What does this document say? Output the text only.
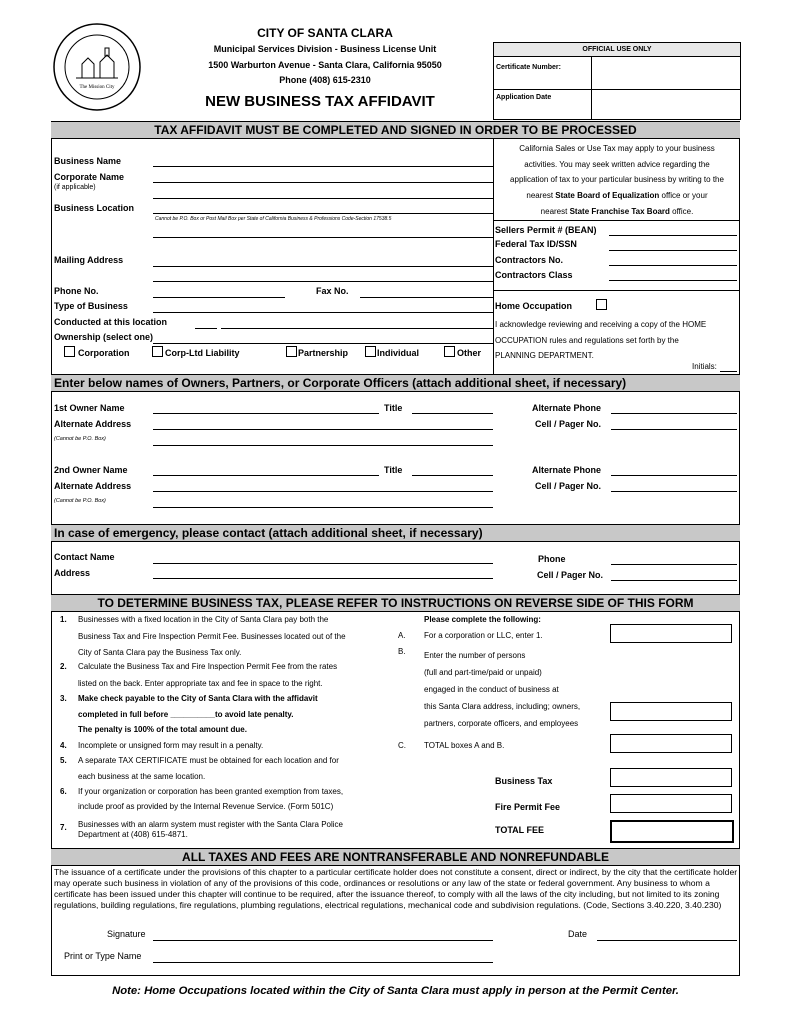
The Mission City
CITY OF SANTA CLARA
Municipal Services Division - Business License Unit
1500 Warburton Avenue - Santa Clara, California 95050
Phone (408) 615-2310
NEW BUSINESS TAX AFFIDAVIT
OFFICIAL USE ONLY
Certificate Number:
Application Date
TAX AFFIDAVIT MUST BE COMPLETED AND SIGNED IN ORDER TO BE PROCESSED
Business Name
Corporate Name
(if applicable)
Business Location
Cannot be P.O. Box or Post Mail Box per State of California Business & Professions Code-Section 17538.5
Mailing Address
Phone No.	Fax No.
Type of Business
Conducted at this location
Ownership (select one)
Corporation	Corp-Ltd Liability	Partnership	Individual	Other
California Sales or Use Tax may apply to your business
activities. You may seek written advice regarding the
application of tax to your particular business by writing to the
nearest State Board of Equalization office or your
nearest State Franchise Tax Board office.
Sellers Permit # (BEAN)
Federal Tax ID/SSN
Contractors No.
Contractors Class
Home Occupation
I acknowledge reviewing and receiving a copy of the HOME
OCCUPATION rules and regulations set forth by the
PLANNING DEPARTMENT.
Initials:
Enter below names of Owners, Partners, or Corporate Officers (attach additional sheet, if necessary)
1st Owner Name	Title	Alternate Phone
Alternate Address	Cell / Pager No.
(Cannot be P.O. Box)
2nd Owner Name	Title	Alternate Phone
Alternate Address	Cell / Pager No.
(Cannot be P.O. Box)
In case of emergency, please contact (attach additional sheet, if necessary)
Contact Name	Phone
Address	Cell / Pager No.
TO DETERMINE BUSINESS TAX, PLEASE REFER TO INSTRUCTIONS ON REVERSE SIDE OF THIS FORM
1. Businesses with a fixed location in the City of Santa Clara pay both the
Business Tax and Fire Inspection Permit Fee. Businesses located out of the
City of Santa Clara pay the Business Tax only.
2. Calculate the Business Tax and Fire Inspection Permit Fee from the rates
listed on the back. Enter appropriate tax and fee in space to the right.
3. Make check payable to the City of Santa Clara with the affidavit
completed in full before __________to avoid late penalty.
The penalty is 100% of the total amount due.
4. Incomplete or unsigned form may result in a penalty.
5. A separate TAX CERTIFICATE must be obtained for each location and for
each business at the same location.
6. If your organization or corporation has been granted exemption from taxes,
include proof as provided by the Internal Revenue Service. (Form 501C)
7. Businesses with an alarm system must register with the Santa Clara Police
Department at (408) 615-4871.
Please complete the following:
A. For a corporation or LLC, enter 1.
B. Enter the number of persons
(full and part-time/paid or unpaid)
engaged in the conduct of business at
this Santa Clara address, including; owners,
partners, corporate officers, and employees
C. TOTAL boxes A and B.
Business Tax
Fire Permit Fee
TOTAL FEE
ALL TAXES AND FEES ARE NONTRANSFERABLE AND NONREFUNDABLE
The issuance of a certificate under the provisions of this chapter to a particular certificate holder does not constitute a consent, direct or indirect, by the city that the certificate holder may operate such business in violation of any of the provisions of this code, ordinances or resolutions or any law of the state or federal government. Any business to whom a certificate has been issued under this chapter will continue to be required, after the issuance thereof, to comply with all the laws of the city including, but not limited to its zoning regulations, building regulations, fire regulations, plumbing regulations, electrical regulations, mechanical code and subdivision regulations. (Code, Sections 3.40.220, 3.40.230)
Signature	Date
Print or Type Name
Note: Home Occupations located within the City of Santa Clara must apply in person at the Permit Center.
